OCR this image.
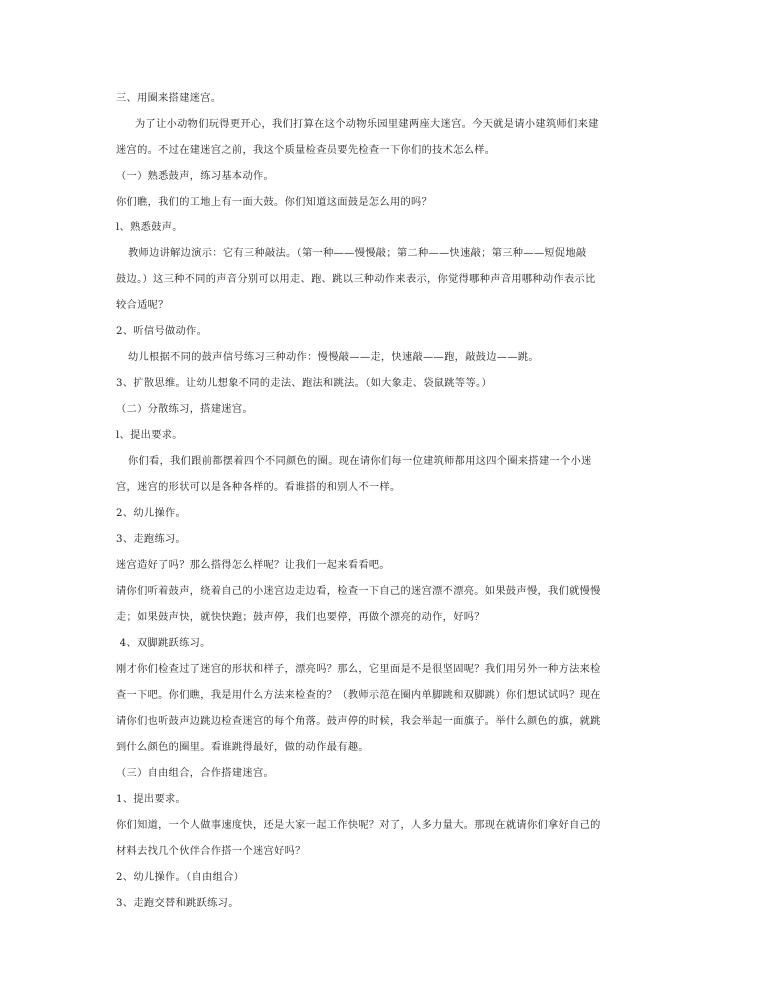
三、用圈来搭建迷宫。
为了让小动物们玩得更开心，我们打算在这个动物乐园里建两座大迷宫。今天就是请小建筑师们来建
迷宫的。不过在建迷宫之前，我这个质量检查员要先检查一下你们的技术怎么样。
（一）熟悉鼓声，练习基本动作。
你们瞧，我们的工地上有一面大鼓。你们知道这面鼓是怎么用的吗？
l、熟悉鼓声。
教师边讲解边演示：它有三种敲法。（第一种——慢慢敲；第二种——快速敲；第三种——短促地敲
鼓边。）这三种不同的声音分别可以用走、跑、跳以三种动作来表示，你觉得哪种声音用哪种动作表示比
较合适呢？
2、听信号做动作。
幼儿根据不同的鼓声信号练习三种动作：慢慢敲——走，快速敲——跑，敲鼓边——跳。
3、扩散思维。让幼儿想象不同的走法、跑法和跳法。（如大象走、袋鼠跳等等。）
（二）分散练习，搭建迷宫。
l、提出要求。
你们看，我们跟前都摆着四个不同颜色的圈。现在请你们每一位建筑师都用这四个圈来搭建一个小迷
宫，迷宫的形状可以是各种各样的。看谁搭的和别人不一样。
2、幼儿操作。
3、走跑练习。
迷宫造好了吗？那么搭得怎么样呢？让我们一起来看看吧。
请你们听着鼓声，绕着自己的小迷宫边走边看，检查一下自己的迷宫漂不漂亮。如果鼓声慢，我们就慢慢
走；如果鼓声快，就快快跑；鼓声停，我们也要停，再做个漂亮的动作，好吗？
4、双脚跳跃练习。
刚才你们检查过了迷宫的形状和样子，漂亮吗？那么，它里面是不是很坚固呢？我们用另外一种方法来检
查一下吧。你们瞧，我是用什么方法来检查的？（教师示范在圈内单脚跳和双脚跳）你们想试试吗？现在
请你们也听鼓声边跳边检查迷宫的每个角落。鼓声停的时候，我会举起一面旗子。举什么颜色的旗，就跳
到什么颜色的圈里。看谁跳得最好，做的动作最有趣。
（三）自由组合，合作搭建迷宫。
1、提出要求。
你们知道，一个人做事速度快，还是大家一起工作快呢？对了，人多力量大。那现在就请你们拿好自己的
材料去找几个伙伴合作搭一个迷宫好吗？
2、幼儿操作。（自由组合）
3、走跑交替和跳跃练习。
